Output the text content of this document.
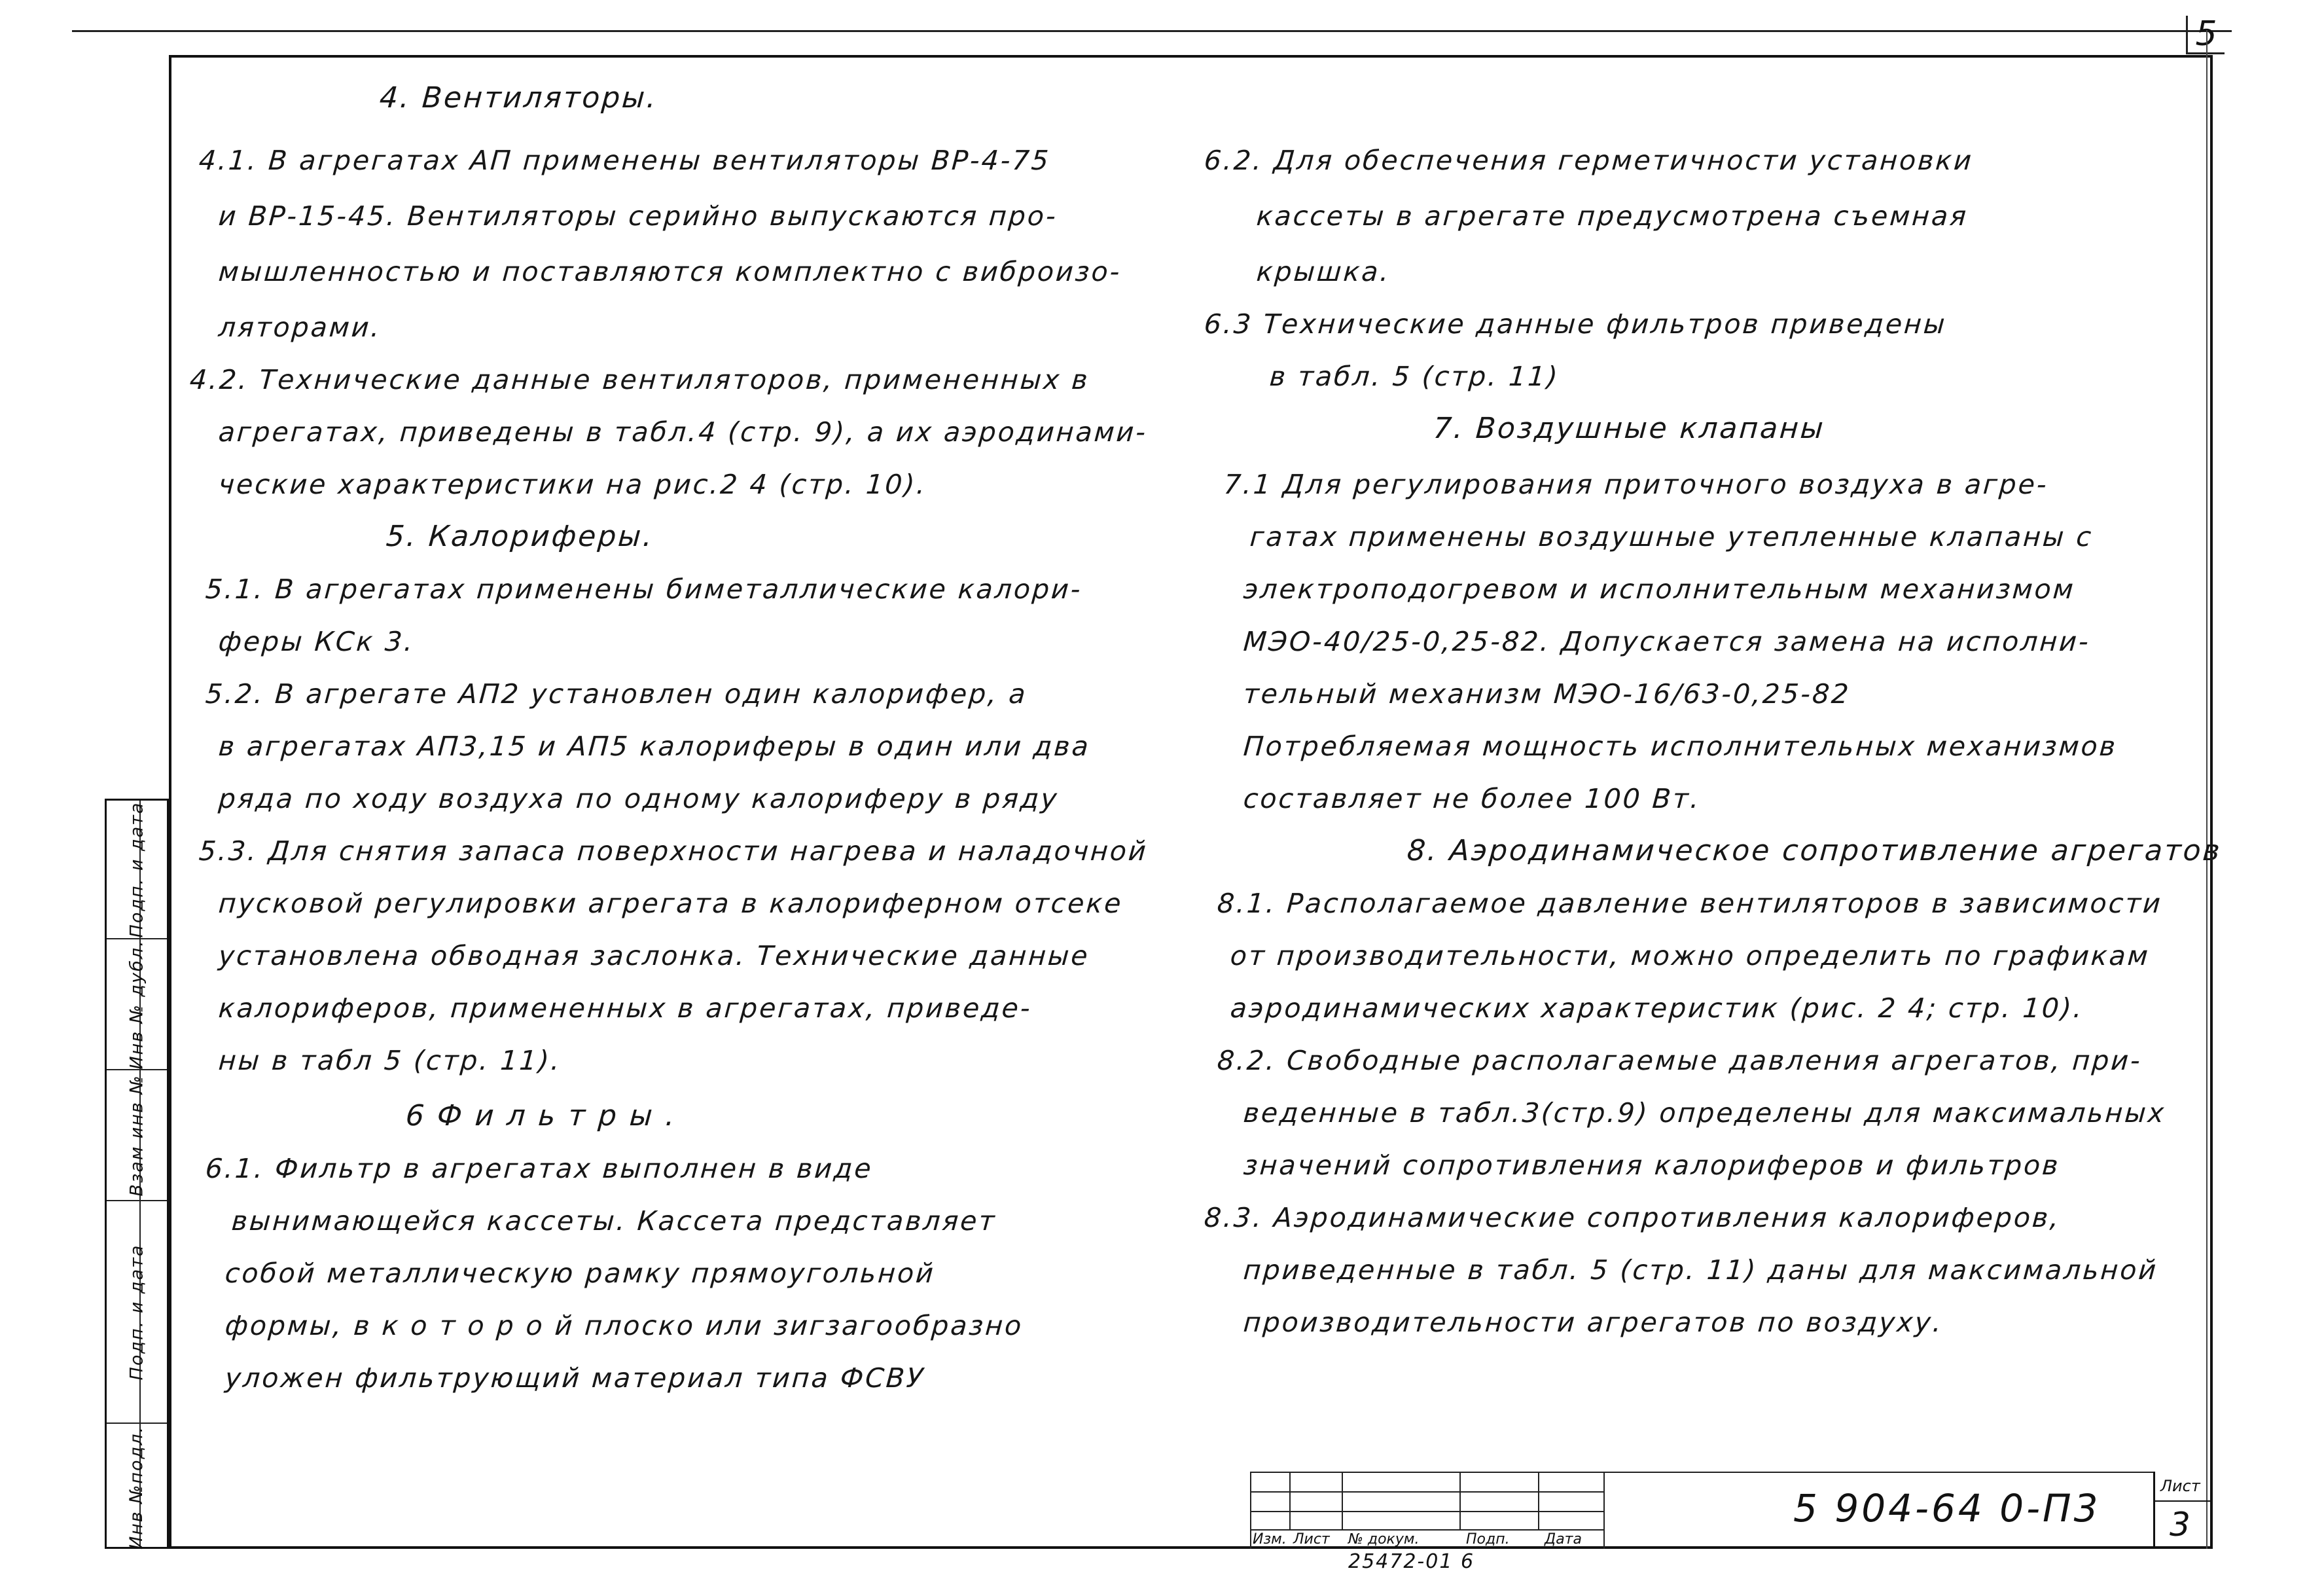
5
4. Вентиляторы.
4.1. В агрегатах АП применены вентиляторы ВР-4-75
и ВР-15-45. Вентиляторы серийно выпускаются про-
мышленностью и поставляются комплектно с виброизо-
ляторами.
4.2. Технические данные вентиляторов, примененных в
агрегатах, приведены в табл.4 (стр. 9), а их аэродинами-
ческие характеристики на рис.2 4 (стр. 10).
5. Калориферы.
5.1. В агрегатах применены биметаллические калори-
феры КСк 3.
5.2. В агрегате АП2 установлен один калорифер, а
в агрегатах АП3,15 и АП5 калориферы в один или два
ряда по ходу воздуха по одному калориферу в ряду
5.3. Для снятия запаса поверхности нагрева и наладочной
пусковой регулировки агрегата в калориферном отсеке
установлена обводная заслонка. Технические данные
калориферов, примененных в агрегатах, приведе-
ны в табл 5 (стр. 11).
6 Ф и л ь т р ы .
6.1. Фильтр в агрегатах выполнен в виде
вынимающейся кассеты. Кассета предcтавляет
собой металлическую рамку прямоугольной
формы, в к о т о р о й плоско или зигзагообразно
уложен фильтрующий материал типа ФСВУ
6.2. Для обеспечения герметичности установки
кассеты в агрегате предусмотрена съемная
крышка.
6.3 Технические данные фильтров приведены
в табл. 5 (стр. 11)
7. Воздушные клапаны
7.1 Для регулирования приточного воздуха в агре-
гатах применены воздушные утепленные клапаны с
электроподогревом и исполнительным механизмом
МЭО-40/25-0,25-82. Допускается замена на исполни-
тельный механизм МЭО-16/63-0,25-82
Потребляемая мощность исполнительных механизмов
составляет не более 100 Вт.
8. Аэродинамическое сопротивление агрегатов
8.1. Располагаемое давление вентиляторов в зависимости
от производительности, можно определить по графикам
аэродинамических характеристик (рис. 2 4; стр. 10).
8.2. Свободные располагаемые давления агрегатов, при-
веденные в табл.3(стр.9) определены для максимальных
значений сопротивления калориферов и фильтров
8.3. Аэродинамические сопротивления калориферов,
приведенные в табл. 5 (стр. 11) даны для максимальной
производительности агрегатов по воздуху.
Подп. и дата
Инв № дубл.
Взам инв №
Подп. и дата
Инв №подл.	Изм. Лист № докум.	Подп. Дата
5 904-64 0-П3	Лист
3
25472-01 6
